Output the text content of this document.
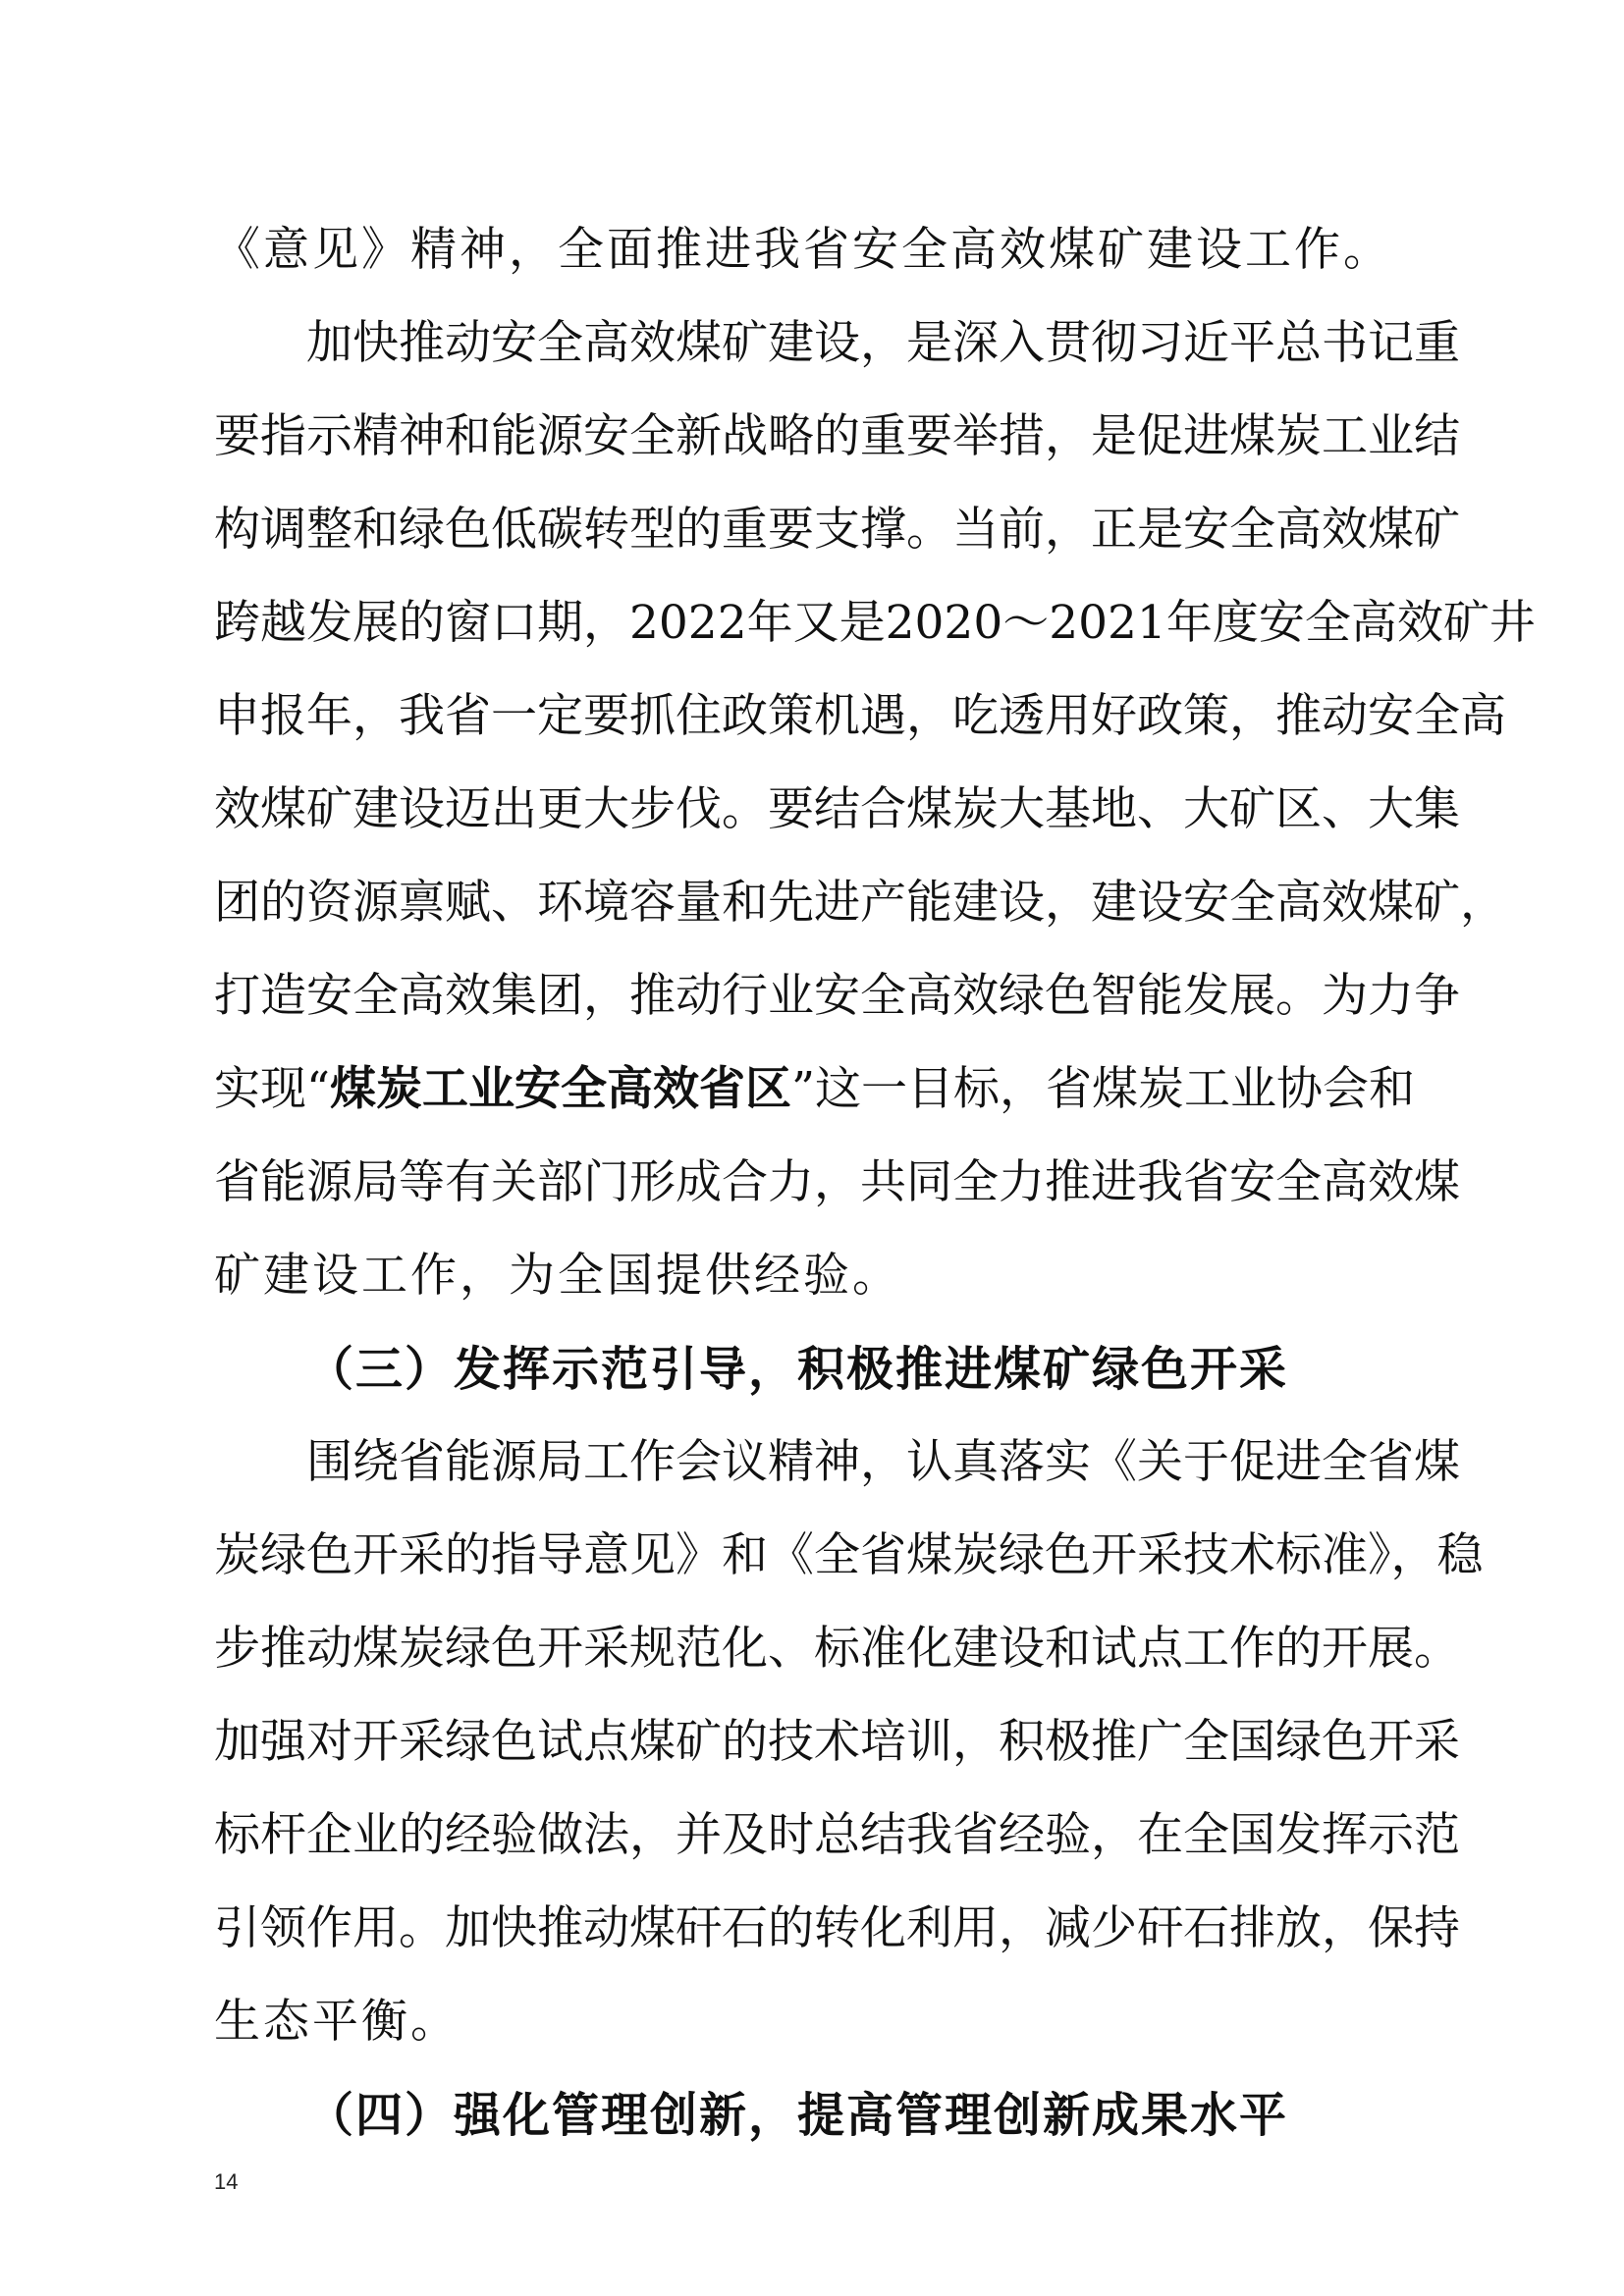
《意见》精神，全面推进我省安全高效煤矿建设工作。
加快推动安全高效煤矿建设，是深入贯彻习近平总书记重
要指示精神和能源安全新战略的重要举措，是促进煤炭工业结
构调整和绿色低碳转型的重要支撑。当前，正是安全高效煤矿
跨越发展的窗口期，2022年又是2020～2021年度安全高效矿井
申报年，我省一定要抓住政策机遇，吃透用好政策，推动安全高
效煤矿建设迈出更大步伐。要结合煤炭大基地、大矿区、大集
团的资源禀赋、环境容量和先进产能建设，建设安全高效煤矿，
打造安全高效集团，推动行业安全高效绿色智能发展。为力争
实现“煤炭工业安全高效省区”这一目标，省煤炭工业协会和
省能源局等有关部门形成合力，共同全力推进我省安全高效煤
矿建设工作，为全国提供经验。
（三）发挥示范引导，积极推进煤矿绿色开采
围绕省能源局工作会议精神，认真落实《关于促进全省煤
炭绿色开采的指导意见》和《全省煤炭绿色开采技术标准》，稳
步推动煤炭绿色开采规范化、标准化建设和试点工作的开展。
加强对开采绿色试点煤矿的技术培训，积极推广全国绿色开采
标杆企业的经验做法，并及时总结我省经验，在全国发挥示范
引领作用。加快推动煤矸石的转化利用，减少矸石排放，保持
生态平衡。
（四）强化管理创新，提高管理创新成果水平
14
